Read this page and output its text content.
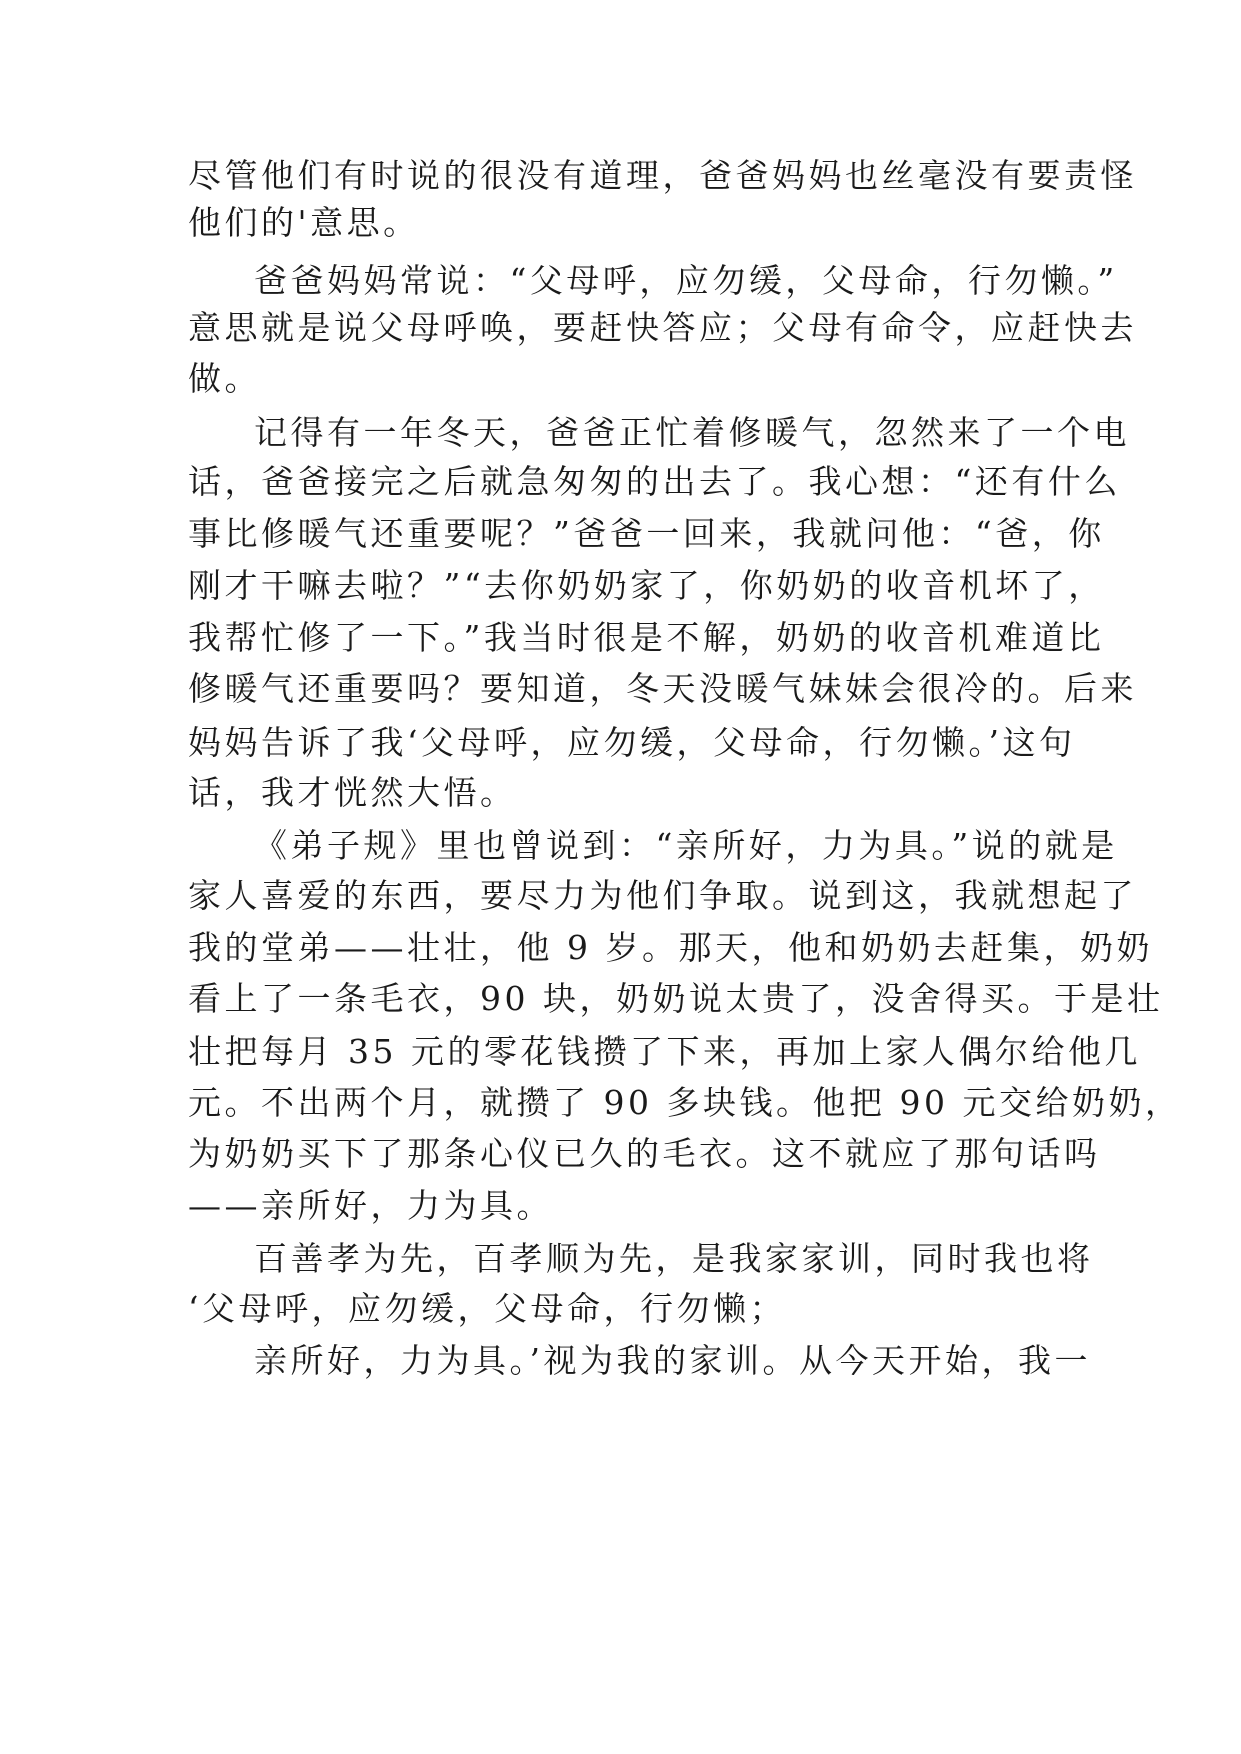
尽管他们有时说的很没有道理，爸爸妈妈也丝毫没有要责怪
他们的'意思。
爸爸妈妈常说：“父母呼，应勿缓，父母命，行勿懒。”
意思就是说父母呼唤，要赶快答应；父母有命令，应赶快去
做。
记得有一年冬天，爸爸正忙着修暖气，忽然来了一个电
话，爸爸接完之后就急匆匆的出去了。我心想：“还有什么
事比修暖气还重要呢？”爸爸一回来，我就问他：“爸，你
刚才干嘛去啦？”“去你奶奶家了，你奶奶的收音机坏了，
我帮忙修了一下。”我当时很是不解，奶奶的收音机难道比
修暖气还重要吗？要知道，冬天没暖气妹妹会很冷的。后来
妈妈告诉了我‘父母呼，应勿缓，父母命，行勿懒。’这句
话，我才恍然大悟。
《弟子规》里也曾说到：“亲所好，力为具。”说的就是
家人喜爱的东西，要尽力为他们争取。说到这，我就想起了
我的堂弟——壮壮，他 9 岁。那天，他和奶奶去赶集，奶奶
看上了一条毛衣，90 块，奶奶说太贵了，没舍得买。于是壮
壮把每月 35 元的零花钱攒了下来，再加上家人偶尔给他几
元。不出两个月，就攒了 90 多块钱。他把 90 元交给奶奶，
为奶奶买下了那条心仪已久的毛衣。这不就应了那句话吗
——亲所好，力为具。
百善孝为先，百孝顺为先，是我家家训，同时我也将
‘父母呼，应勿缓，父母命，行勿懒；
亲所好，力为具。’视为我的家训。从今天开始，我一
